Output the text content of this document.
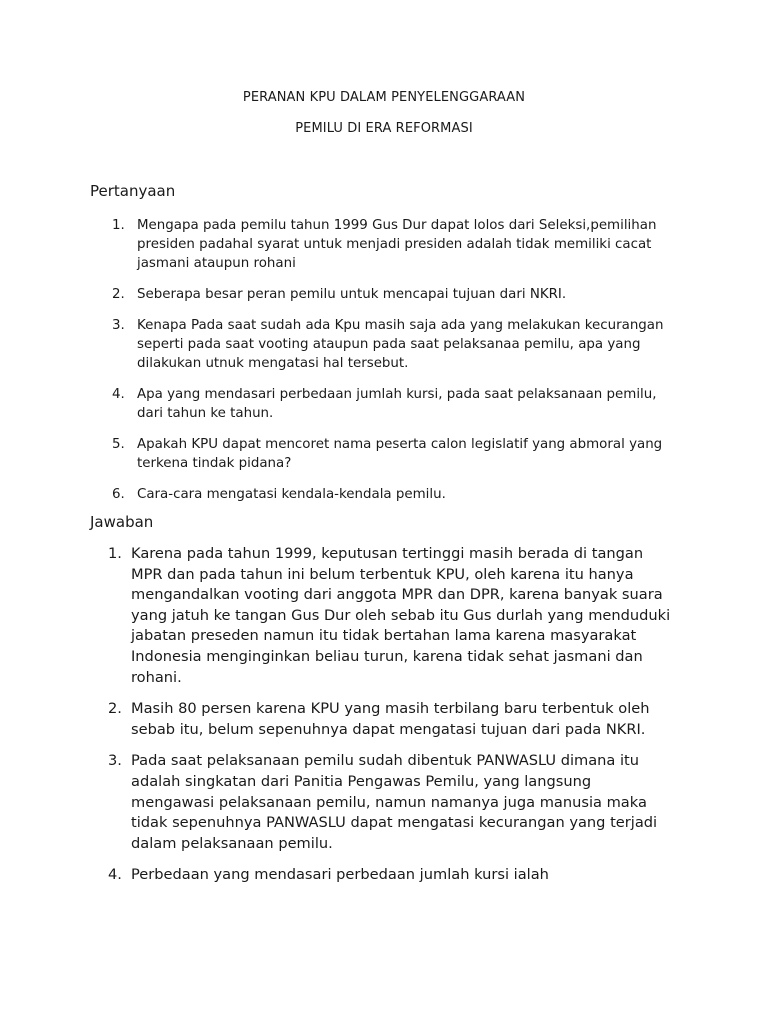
PERANAN KPU DALAM PENYELENGGARAAN
PEMILU DI ERA REFORMASI
Pertanyaan
1. Mengapa pada pemilu tahun 1999 Gus Dur dapat lolos dari Seleksi,pemilihan presiden padahal syarat untuk menjadi presiden adalah tidak memiliki cacat jasmani ataupun rohani
2. Seberapa besar peran pemilu untuk mencapai tujuan dari NKRI.
3. Kenapa Pada saat sudah ada Kpu masih saja ada yang melakukan kecurangan seperti pada saat vooting ataupun pada saat pelaksanaa pemilu, apa yang dilakukan utnuk mengatasi hal tersebut.
4. Apa yang mendasari perbedaan jumlah kursi, pada saat pelaksanaan pemilu, dari tahun ke tahun.
5. Apakah KPU dapat mencoret nama peserta calon legislatif yang abmoral yang terkena tindak pidana?
6. Cara-cara mengatasi kendala-kendala pemilu.
Jawaban
1. Karena pada tahun 1999, keputusan tertinggi masih berada di tangan MPR dan pada tahun ini belum terbentuk KPU, oleh karena itu hanya mengandalkan vooting dari anggota MPR dan DPR, karena banyak suara yang jatuh ke tangan Gus Dur oleh sebab itu Gus durlah yang menduduki jabatan preseden namun itu tidak bertahan lama karena masyarakat Indonesia menginginkan beliau turun, karena tidak sehat jasmani dan rohani.
2. Masih 80 persen karena KPU yang masih terbilang baru terbentuk oleh sebab itu, belum sepenuhnya dapat mengatasi tujuan dari pada NKRI.
3. Pada saat pelaksanaan pemilu sudah dibentuk PANWASLU dimana itu adalah singkatan dari Panitia Pengawas Pemilu, yang langsung mengawasi pelaksanaan pemilu, namun namanya juga manusia maka tidak sepenuhnya PANWASLU dapat mengatasi kecurangan yang terjadi dalam pelaksanaan pemilu.
4. Perbedaan yang mendasari perbedaan jumlah kursi ialah
